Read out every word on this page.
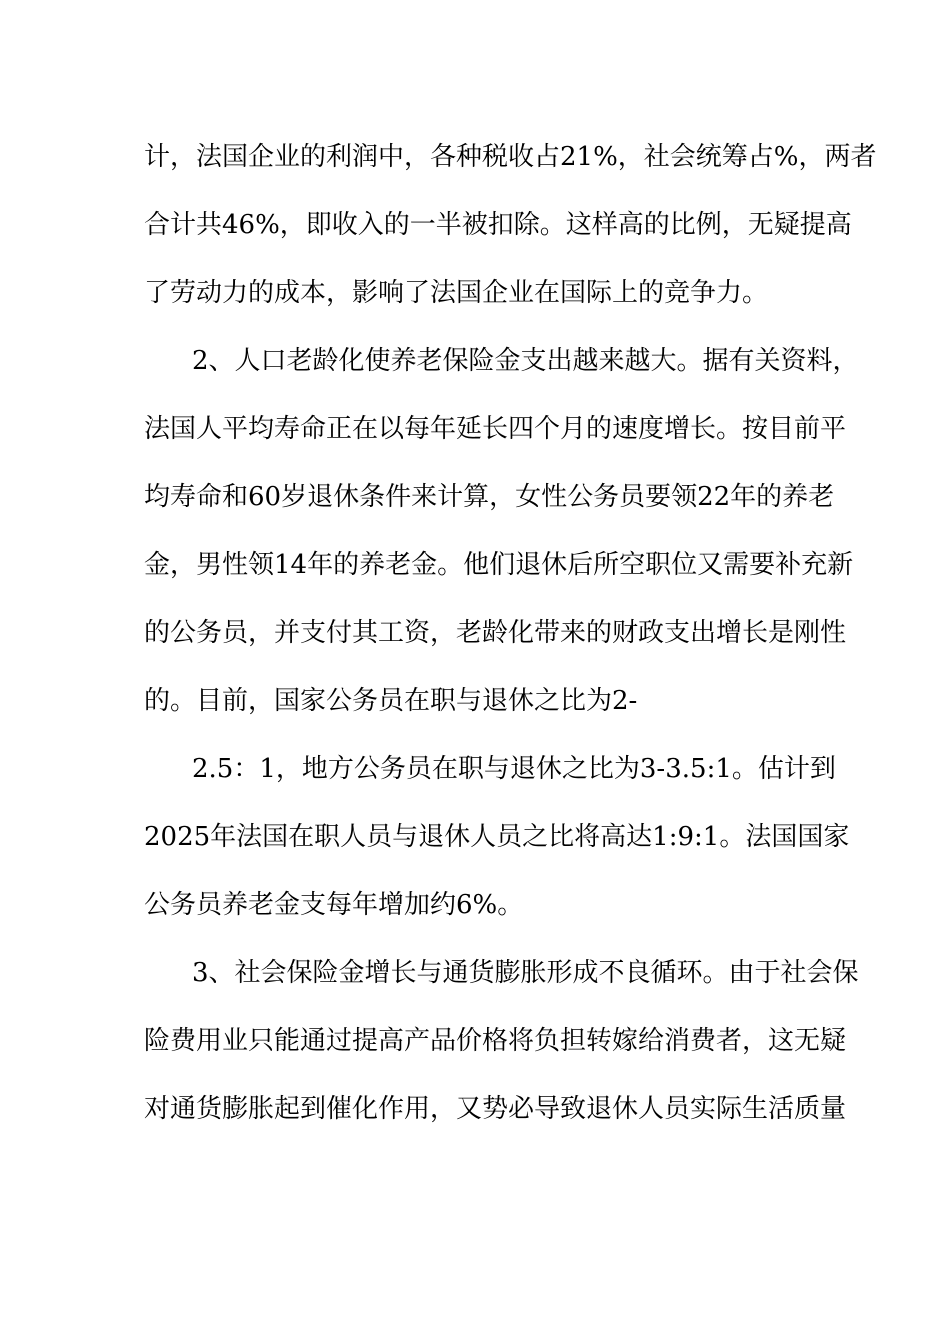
计，法国企业的利润中，各种税收占21%，社会统筹占%，两者
合计共46%，即收入的一半被扣除。这样高的比例，无疑提高
了劳动力的成本，影响了法国企业在国际上的竞争力。
2、人口老龄化使养老保险金支出越来越大。据有关资料，
法国人平均寿命正在以每年延长四个月的速度增长。按目前平
均寿命和60岁退休条件来计算，女性公务员要领22年的养老
金，男性领14年的养老金。他们退休后所空职位又需要补充新
的公务员，并支付其工资，老龄化带来的财政支出增长是刚性
的。目前，国家公务员在职与退休之比为2-
2.5：1，地方公务员在职与退休之比为3-3.5:1。估计到
2025年法国在职人员与退休人员之比将高达1:9:1。法国国家
公务员养老金支每年增加约6%。
3、社会保险金增长与通货膨胀形成不良循环。由于社会保
险费用业只能通过提高产品价格将负担转嫁给消费者，这无疑
对通货膨胀起到催化作用，又势必导致退休人员实际生活质量
